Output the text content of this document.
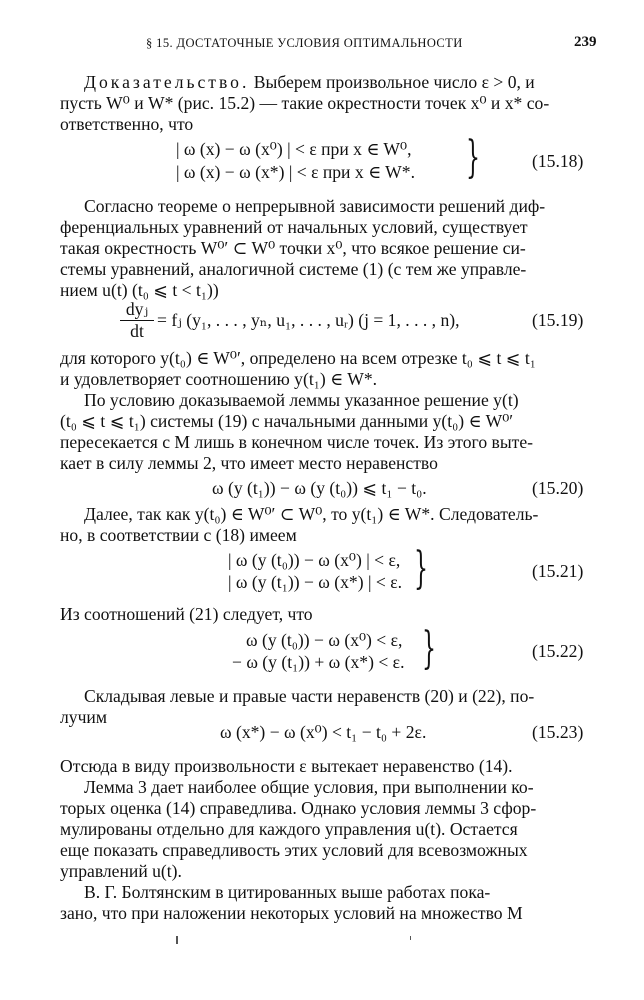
§ 15. ДОСТАТОЧНЫЕ УСЛОВИЯ ОПТИМАЛЬНОСТИ	239
Доказательство. Выберем произвольное число ε > 0, и
пусть W⁰ и W* (рис. 15.2) — такие окрестности точек x⁰ и x* со-
ответственно, что
| ω (x) − ω (x⁰) | < ε при x ∈ W⁰,
| ω (x) − ω (x*) | < ε при x ∈ W*. }	(15.18)
Согласно теореме о непрерывной зависимости решений диф-
ференциальных уравнений от начальных условий, существует
такая окрестность W⁰′ ⊂ W⁰ точки x⁰, что всякое решение си-
стемы уравнений, аналогичной системе (1) (с тем же управле-
нием u(t) (t₀ ⩽ t < t₁))
dyⱼ
dt
= fⱼ (y₁, . . . , yₙ, u₁, . . . , uᵣ) (j = 1, . . . , n),	(15.19)
для которого y(t₀) ∈ W⁰′, определено на всем отрезке t₀ ⩽ t ⩽ t₁
и удовлетворяет соотношению y(t₁) ∈ W*.
По условию доказываемой леммы указанное решение y(t)
(t₀ ⩽ t ⩽ t₁) системы (19) с начальными данными y(t₀) ∈ W⁰′
пересекается с M лишь в конечном числе точек. Из этого выте-
кает в силу леммы 2, что имеет место неравенство
ω (y (t₁)) − ω (y (t₀)) ⩽ t₁ − t₀.	(15.20)
Далее, так как y(t₀) ∈ W⁰′ ⊂ W⁰, то y(t₁) ∈ W*. Следователь-
но, в соответствии с (18) имеем
| ω (y (t₀)) − ω (x⁰) | < ε,
| ω (y (t₁)) − ω (x*) | < ε. }	(15.21)
Из соотношений (21) следует, что
ω (y (t₀)) − ω (x⁰) < ε,
− ω (y (t₁)) + ω (x*) < ε. }	(15.22)
Складывая левые и правые части неравенств (20) и (22), по-
лучим
ω (x*) − ω (x⁰) < t₁ − t₀ + 2ε.	(15.23)
Отсюда в виду произвольности ε вытекает неравенство (14).
Лемма 3 дает наиболее общие условия, при выполнении ко-
торых оценка (14) справедлива. Однако условия леммы 3 сфор-
мулированы отдельно для каждого управления u(t). Остается
еще показать справедливость этих условий для всевозможных
управлений u(t).
В. Г. Болтянским в цитированных выше работах пока-
зано, что при наложении некоторых условий на множество M
